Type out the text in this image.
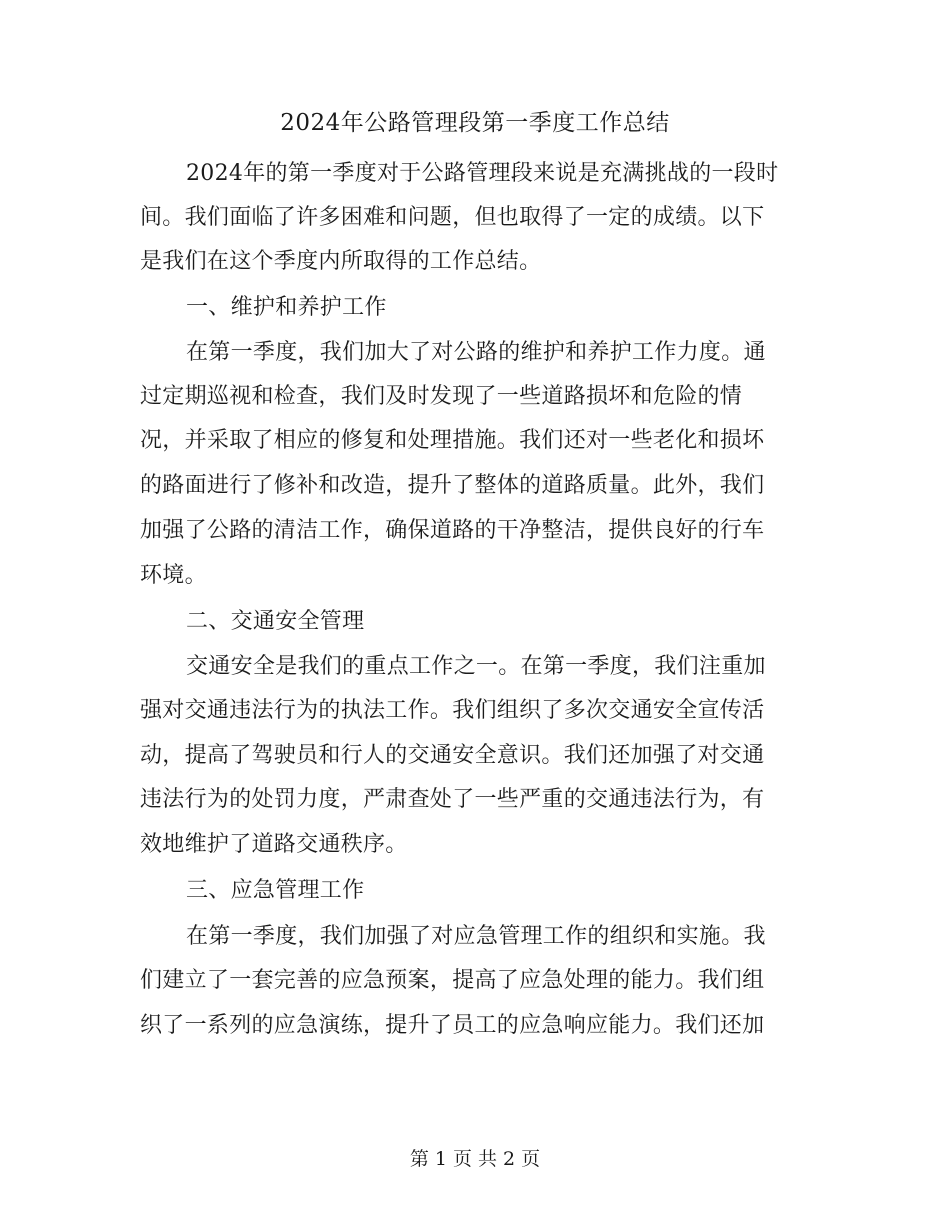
2024年公路管理段第一季度工作总结
2024年的第一季度对于公路管理段来说是充满挑战的一段时
间。我们面临了许多困难和问题，但也取得了一定的成绩。以下
是我们在这个季度内所取得的工作总结。
一、维护和养护工作
在第一季度，我们加大了对公路的维护和养护工作力度。通
过定期巡视和检查，我们及时发现了一些道路损坏和危险的情
况，并采取了相应的修复和处理措施。我们还对一些老化和损坏
的路面进行了修补和改造，提升了整体的道路质量。此外，我们
加强了公路的清洁工作，确保道路的干净整洁，提供良好的行车
环境。
二、交通安全管理
交通安全是我们的重点工作之一。在第一季度，我们注重加
强对交通违法行为的执法工作。我们组织了多次交通安全宣传活
动，提高了驾驶员和行人的交通安全意识。我们还加强了对交通
违法行为的处罚力度，严肃查处了一些严重的交通违法行为，有
效地维护了道路交通秩序。
三、应急管理工作
在第一季度，我们加强了对应急管理工作的组织和实施。我
们建立了一套完善的应急预案，提高了应急处理的能力。我们组
织了一系列的应急演练，提升了员工的应急响应能力。我们还加
第 1 页 共 2 页
